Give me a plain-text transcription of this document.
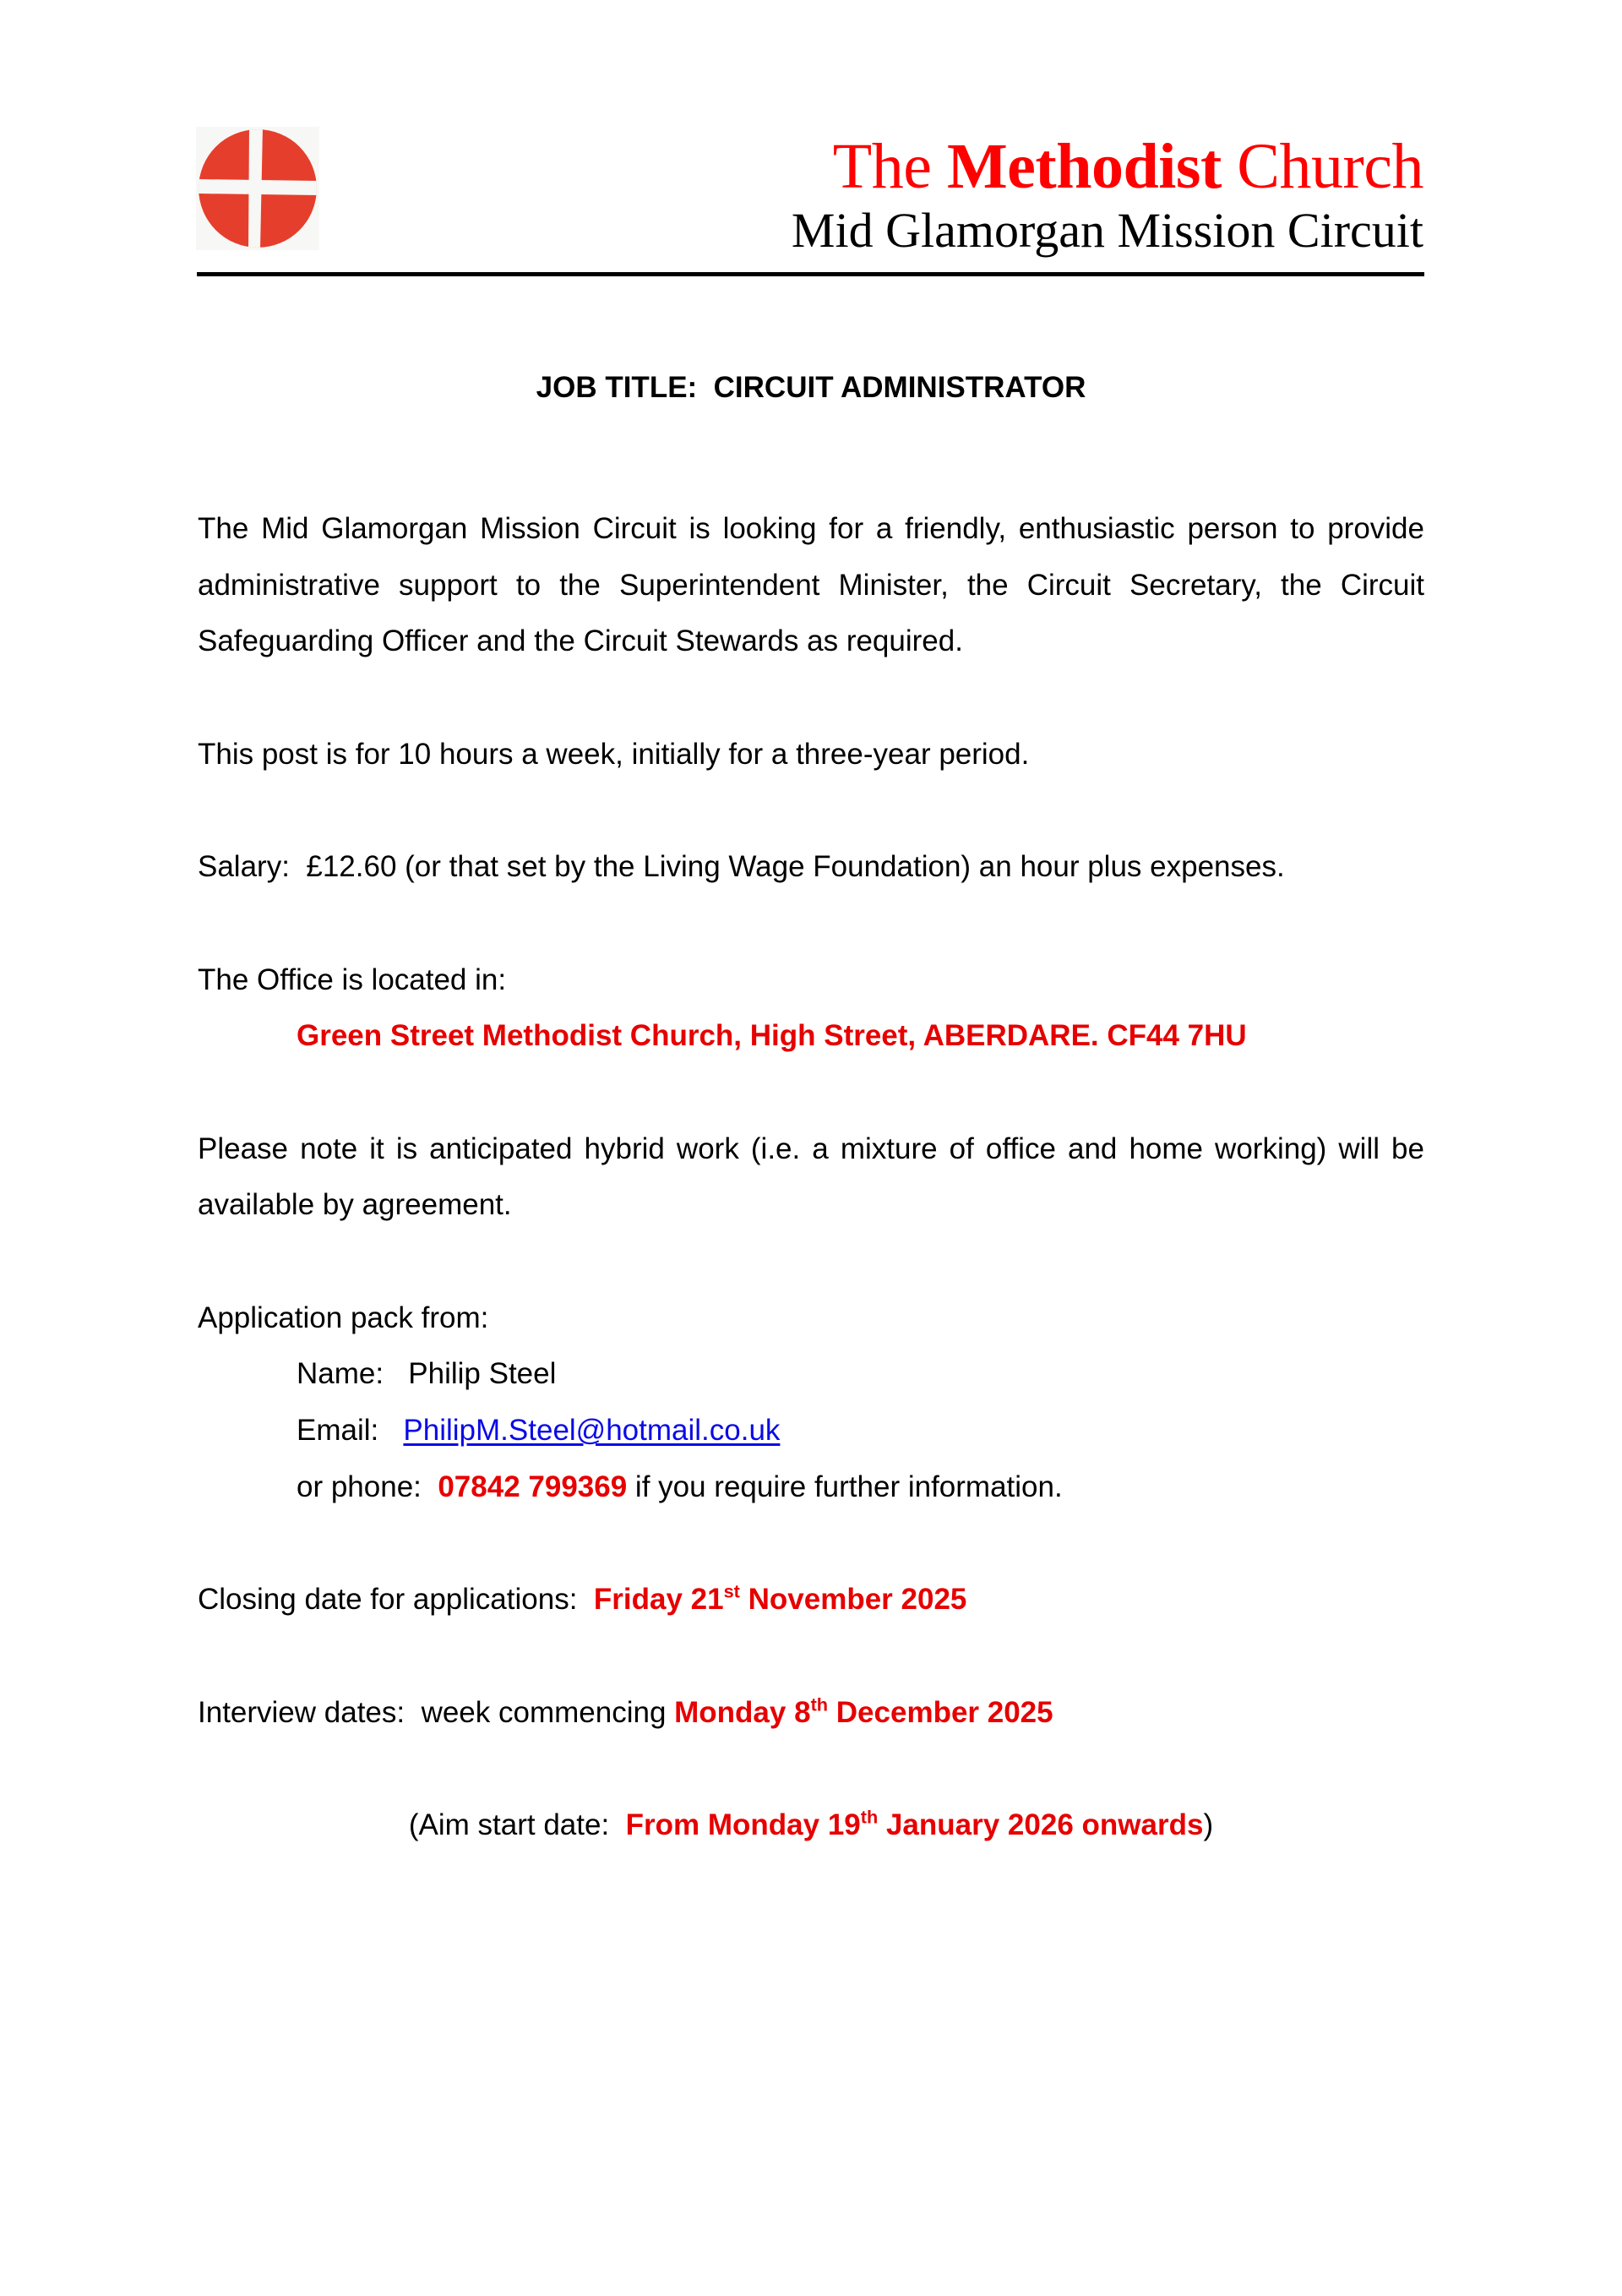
The Methodist Church
Mid Glamorgan Mission Circuit
JOB TITLE:  CIRCUIT ADMINISTRATOR
The Mid Glamorgan Mission Circuit is looking for a friendly, enthusiastic person to provide administrative support to the Superintendent Minister, the Circuit Secretary, the Circuit Safeguarding Officer and the Circuit Stewards as required.
This post is for 10 hours a week, initially for a three-year period.
Salary:  £12.60 (or that set by the Living Wage Foundation) an hour plus expenses.
The Office is located in:
Green Street Methodist Church, High Street, ABERDARE. CF44 7HU
Please note it is anticipated hybrid work (i.e. a mixture of office and home working) will be available by agreement.
Application pack from:
Name:   Philip Steel
Email:   PhilipM.Steel@hotmail.co.uk
or phone:  07842 799369 if you require further information.
Closing date for applications:  Friday 21st November 2025
Interview dates:  week commencing Monday 8th December 2025
(Aim start date:  From Monday 19th January 2026 onwards)
